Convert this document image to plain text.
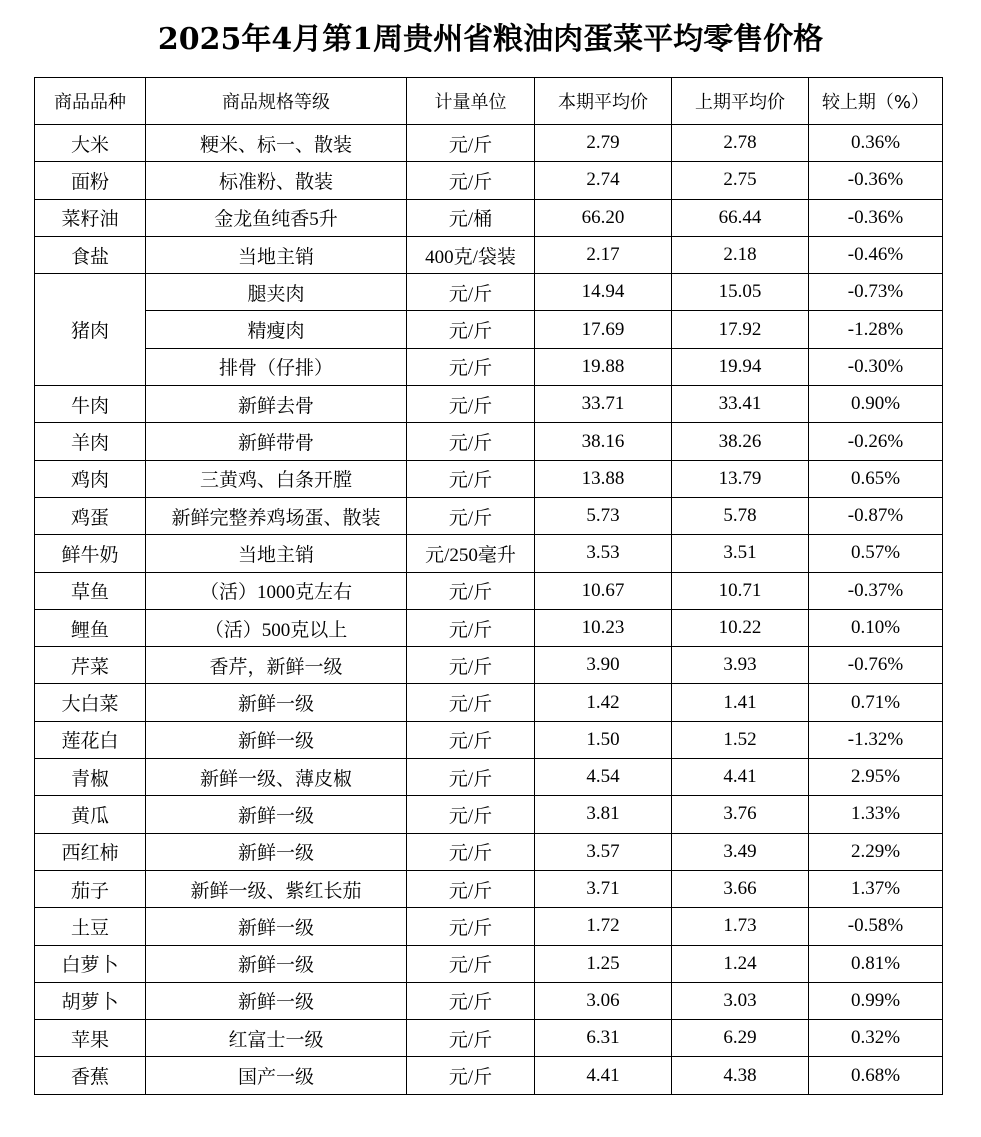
2025年4月第1周贵州省粮油肉蛋菜平均零售价格
商品品种	商品规格等级	计量单位	本期平均价	上期平均价	较上期（%）
大米	粳米、标一、散装	元/斤	2.79	2.78	0.36%
面粉	标准粉、散装	元/斤	2.74	2.75	-0.36%
菜籽油	金龙鱼纯香5升	元/桶	66.20	66.44	-0.36%
食盐	当地主销	400克/袋装	2.17	2.18	-0.46%
猪肉	腿夹肉	元/斤	14.94	15.05	-0.73%
	精瘦肉	元/斤	17.69	17.92	-1.28%
	排骨（仔排）	元/斤	19.88	19.94	-0.30%
牛肉	新鲜去骨	元/斤	33.71	33.41	0.90%
羊肉	新鲜带骨	元/斤	38.16	38.26	-0.26%
鸡肉	三黄鸡、白条开膛	元/斤	13.88	13.79	0.65%
鸡蛋	新鲜完整养鸡场蛋、散装	元/斤	5.73	5.78	-0.87%
鲜牛奶	当地主销	元/250毫升	3.53	3.51	0.57%
草鱼	（活）1000克左右	元/斤	10.67	10.71	-0.37%
鲤鱼	（活）500克以上	元/斤	10.23	10.22	0.10%
芹菜	香芹，新鲜一级	元/斤	3.90	3.93	-0.76%
大白菜	新鲜一级	元/斤	1.42	1.41	0.71%
莲花白	新鲜一级	元/斤	1.50	1.52	-1.32%
青椒	新鲜一级、薄皮椒	元/斤	4.54	4.41	2.95%
黄瓜	新鲜一级	元/斤	3.81	3.76	1.33%
西红柿	新鲜一级	元/斤	3.57	3.49	2.29%
茄子	新鲜一级、紫红长茄	元/斤	3.71	3.66	1.37%
土豆	新鲜一级	元/斤	1.72	1.73	-0.58%
白萝卜	新鲜一级	元/斤	1.25	1.24	0.81%
胡萝卜	新鲜一级	元/斤	3.06	3.03	0.99%
苹果	红富士一级	元/斤	6.31	6.29	0.32%
香蕉	国产一级	元/斤	4.41	4.38	0.68%
